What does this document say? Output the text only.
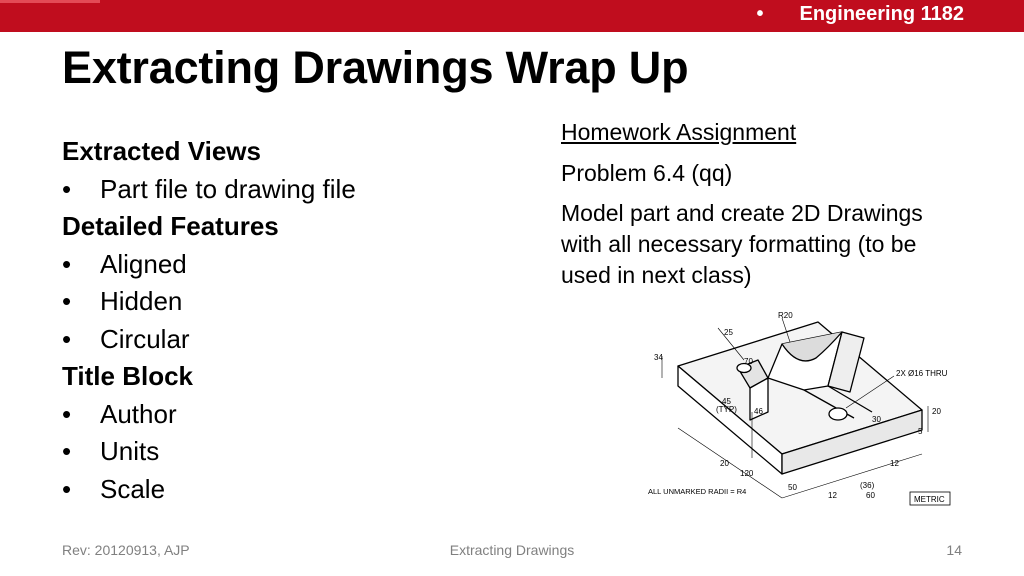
• Engineering 1182
Extracting Drawings Wrap Up
Extracted Views
•	Part file to drawing file
Detailed Features
•	Aligned
•	Hidden
•	Circular
Title Block
•	Author
•	Units
•	Scale
Homework Assignment
Problem 6.4 (qq)
Model part and create 2D Drawings with all necessary formatting (to be used in next class)
25
34
R20
70
2X Ø16 THRU
45
(TYP) 46
30
20
5
20
120
12
50	(36)
12	60
ALL UNMARKED RADII = R4
METRIC
Rev: 20120913, AJP	Extracting Drawings	14
